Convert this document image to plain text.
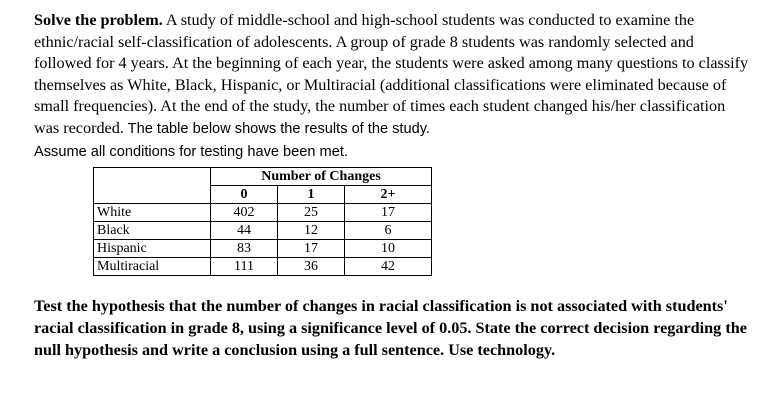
Solve the problem. A study of middle-school and high-school students was conducted to examine the ethnic/racial self-classification of adolescents. A group of grade 8 students was randomly selected and followed for 4 years. At the beginning of each year, the students were asked among many questions to classify themselves as White, Black, Hispanic, or Multiracial (additional classifications were eliminated because of small frequencies). At the end of the study, the number of times each student changed his/her classification was recorded. The table below shows the results of the study.
Assume all conditions for testing have been met.
	Number of Changes		
	0	1	2+
White	402	25	17
Black	44	12	6
Hispanic	83	17	10
Multiracial	111	36	42
Test the hypothesis that the number of changes in racial classification is not associated with students' racial classification in grade 8, using a significance level of 0.05. State the correct decision regarding the null hypothesis and write a conclusion using a full sentence. Use technology.
